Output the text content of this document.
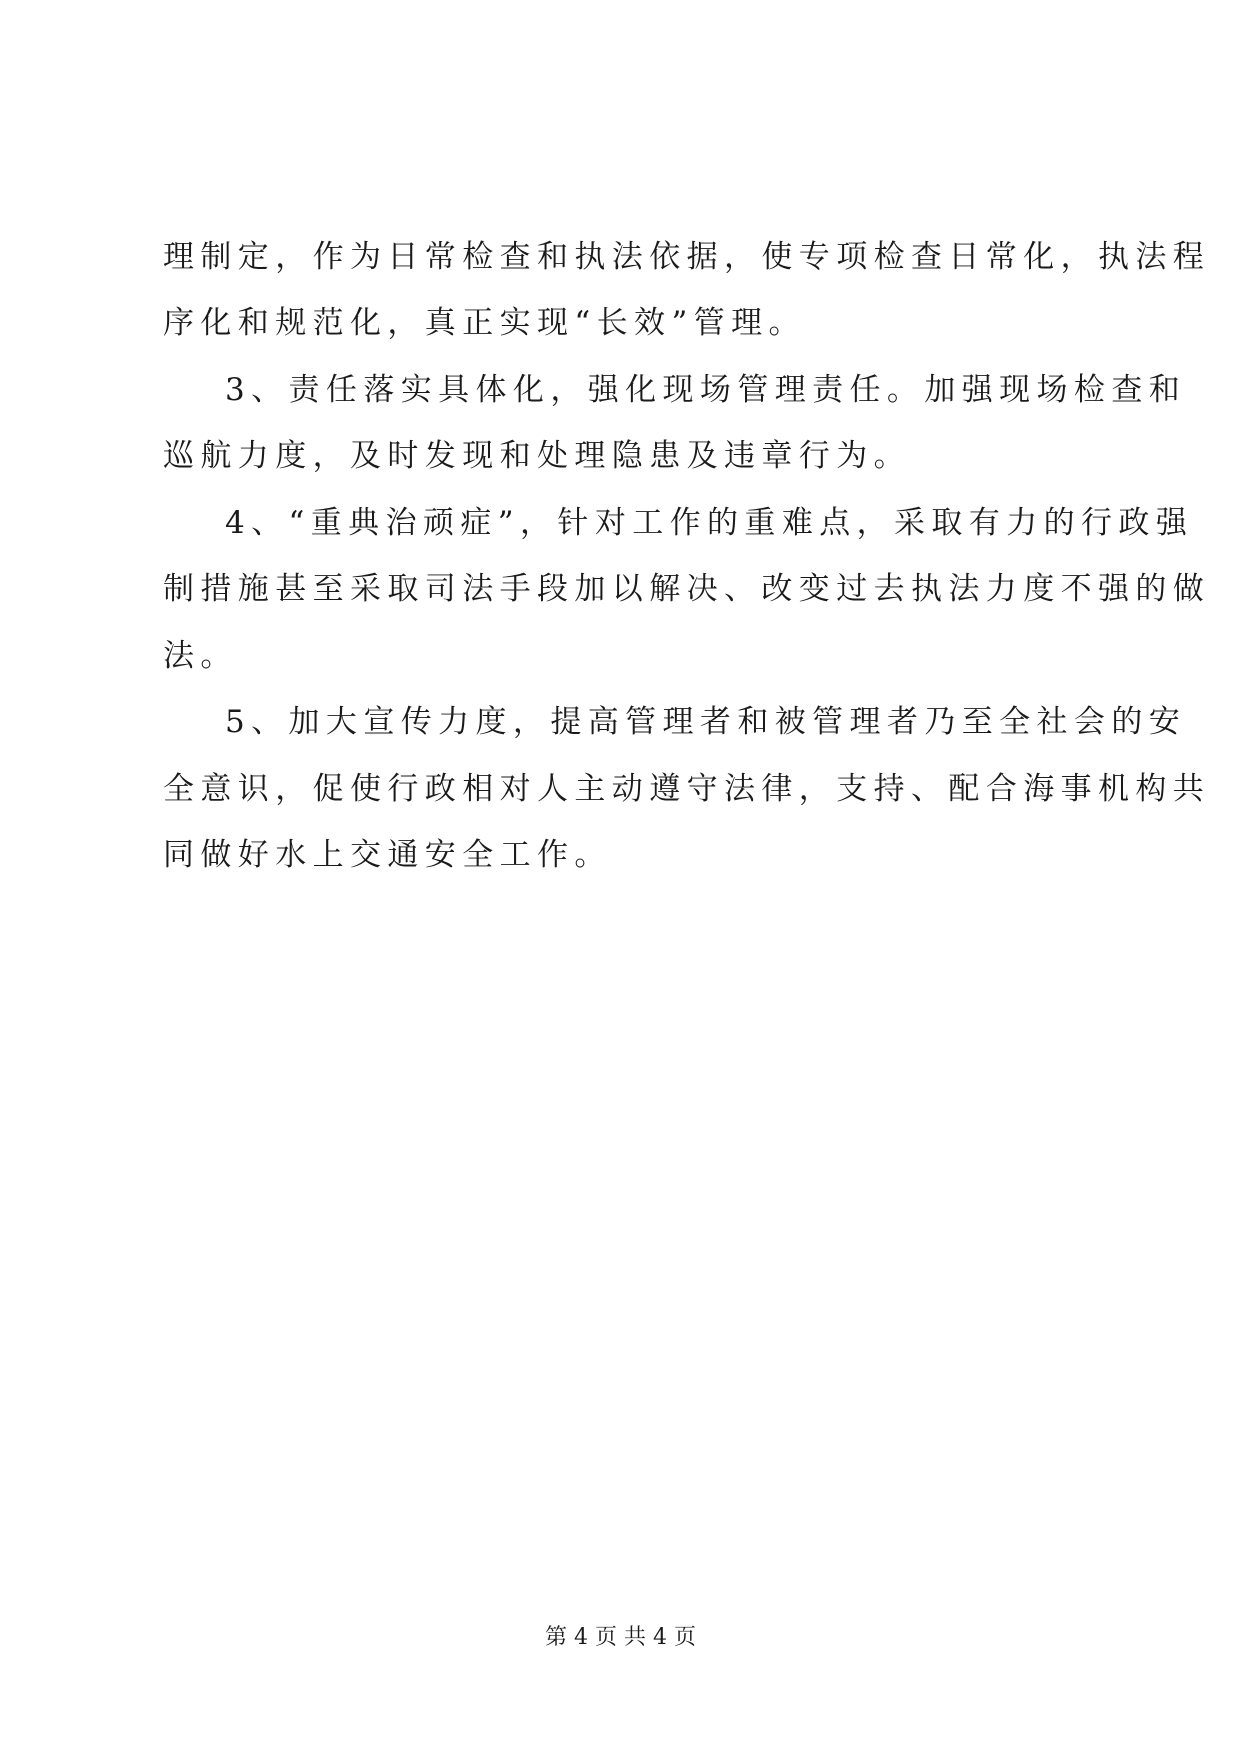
理制定，作为日常检查和执法依据，使专项检查日常化，执法程
序化和规范化，真正实现“长效”管理。
3、责任落实具体化，强化现场管理责任。加强现场检查和
巡航力度，及时发现和处理隐患及违章行为。
4、“重典治顽症”，针对工作的重难点，采取有力的行政强
制措施甚至采取司法手段加以解决、改变过去执法力度不强的做
法。
5、加大宣传力度，提高管理者和被管理者乃至全社会的安
全意识，促使行政相对人主动遵守法律，支持、配合海事机构共
同做好水上交通安全工作。
第 4 页 共 4 页
